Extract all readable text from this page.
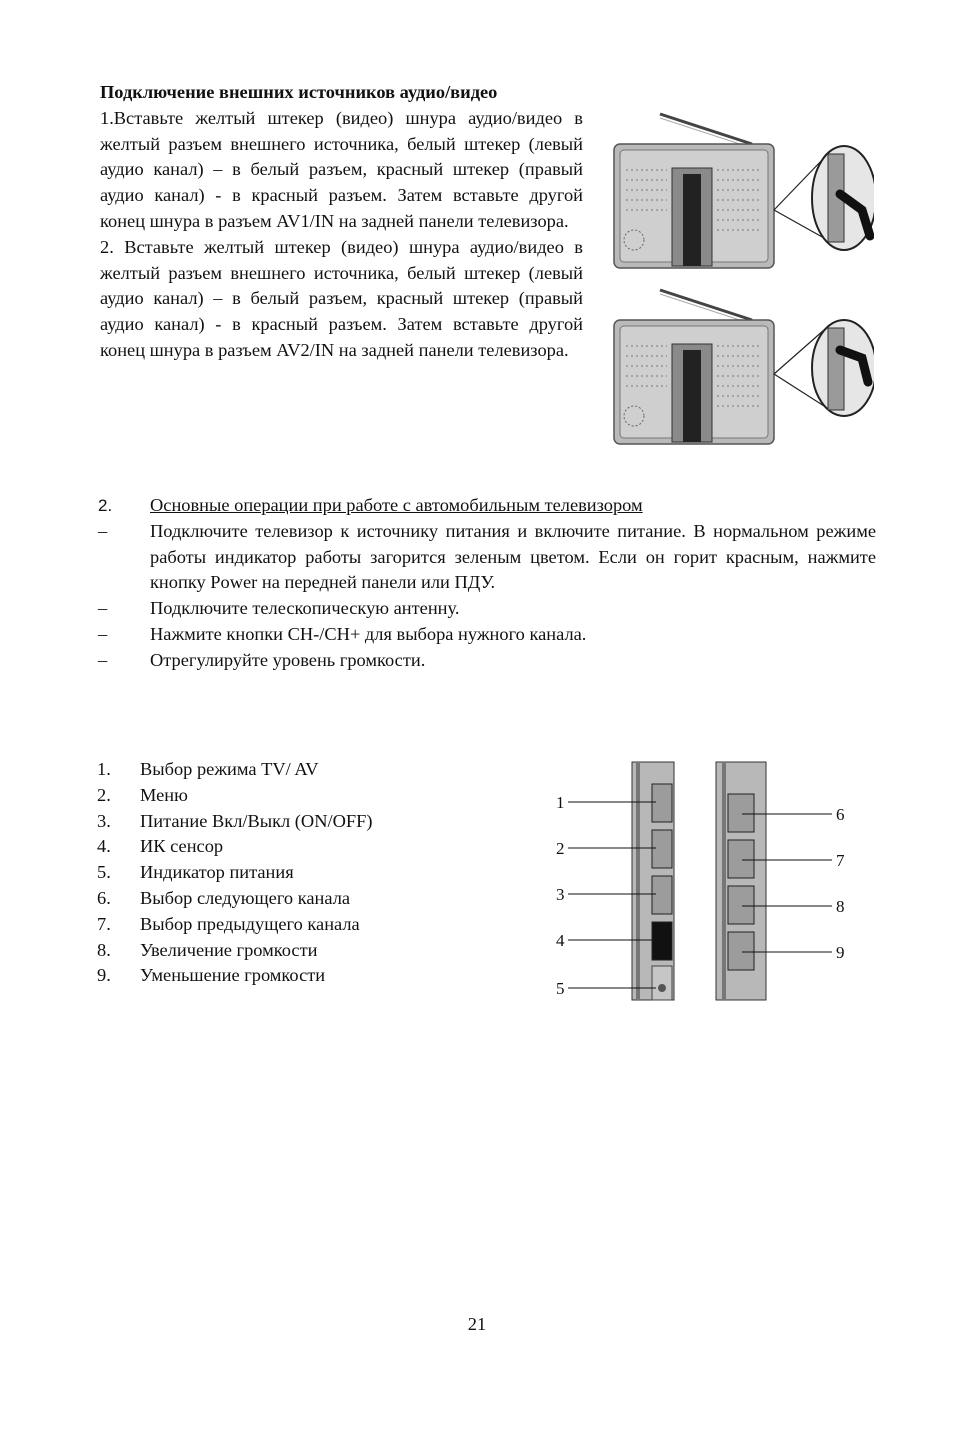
Подключение внешних источников аудио/видео

1.Вставьте желтый штекер (видео) шнура аудио/видео в желтый разъем внешнего источника, белый штекер (левый аудио канал) – в белый разъем, красный штекер (правый аудио канал) - в красный разъем. Затем вставьте другой конец шнура в разъем AV1/IN на задней панели телевизора.

2. Вставьте желтый штекер (видео) шнура аудио/видео в желтый разъем внешнего источника, белый штекер (левый аудио канал) – в белый разъем, красный штекер (правый аудио канал) - в красный разъем. Затем вставьте другой конец шнура в разъем AV2/IN на задней панели телевизора.

2.	Основные операции при работе с автомобильным телевизором
–	Подключите телевизор к источнику питания и включите питание. В нормальном режиме работы индикатор работы загорится зеленым цветом. Если он горит красным, нажмите кнопку Power на передней панели или ПДУ.
–	Подключите телескопическую антенну.
–	Нажмите кнопки CH-/CH+ для выбора нужного канала.
–	Отрегулируйте уровень громкости.
1.	Выбор режима TV/ AV
2.	Меню
3.	Питание Вкл/Выкл (ON/OFF)
4.	ИК сенсор
5.	Индикатор питания
6.	Выбор следующего канала
7.	Выбор предыдущего канала
8.	Увеличение громкости
9.	Уменьшение громкости
1
2
3
4
5
6
7
8
9
21
